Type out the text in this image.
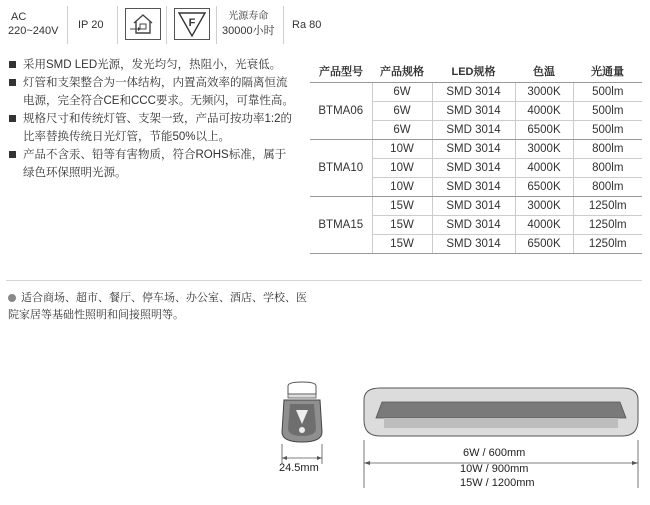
AC
220~240V IP 20	F
光源寿命
30000小时 Ra 80
采用SMD LED光源，发光均匀，热阻小，光衰低。
灯管和支架整合为一体结构，内置高效率的隔离恒流电源，完全符合CE和CCC要求。无频闪，可靠性高。
规格尺寸和传统灯管、支架一致，产品可按功率1:2的比率替换传统日光灯管，节能50%以上。
产品不含汞、铅等有害物质，符合ROHS标准，属于绿色环保照明光源。
产品型号	产品规格	LED规格	色温	光通量
BTMA06	6W	SMD 3014	3000K	500lm
	6W	SMD 3014	4000K	500lm
	6W	SMD 3014	6500K	500lm
BTMA10	10W	SMD 3014	3000K	800lm
	10W	SMD 3014	4000K	800lm
	10W	SMD 3014	6500K	800lm
BTMA15	15W	SMD 3014	3000K	1250lm
	15W	SMD 3014	4000K	1250lm
	15W	SMD 3014	6500K	1250lm
适合商场、超市、餐厅、停车场、办公室、酒店、学校、医院家居等基础性照明和间接照明等。
24.5mm
6W / 600mm
10W / 900mm
15W / 1200mm
